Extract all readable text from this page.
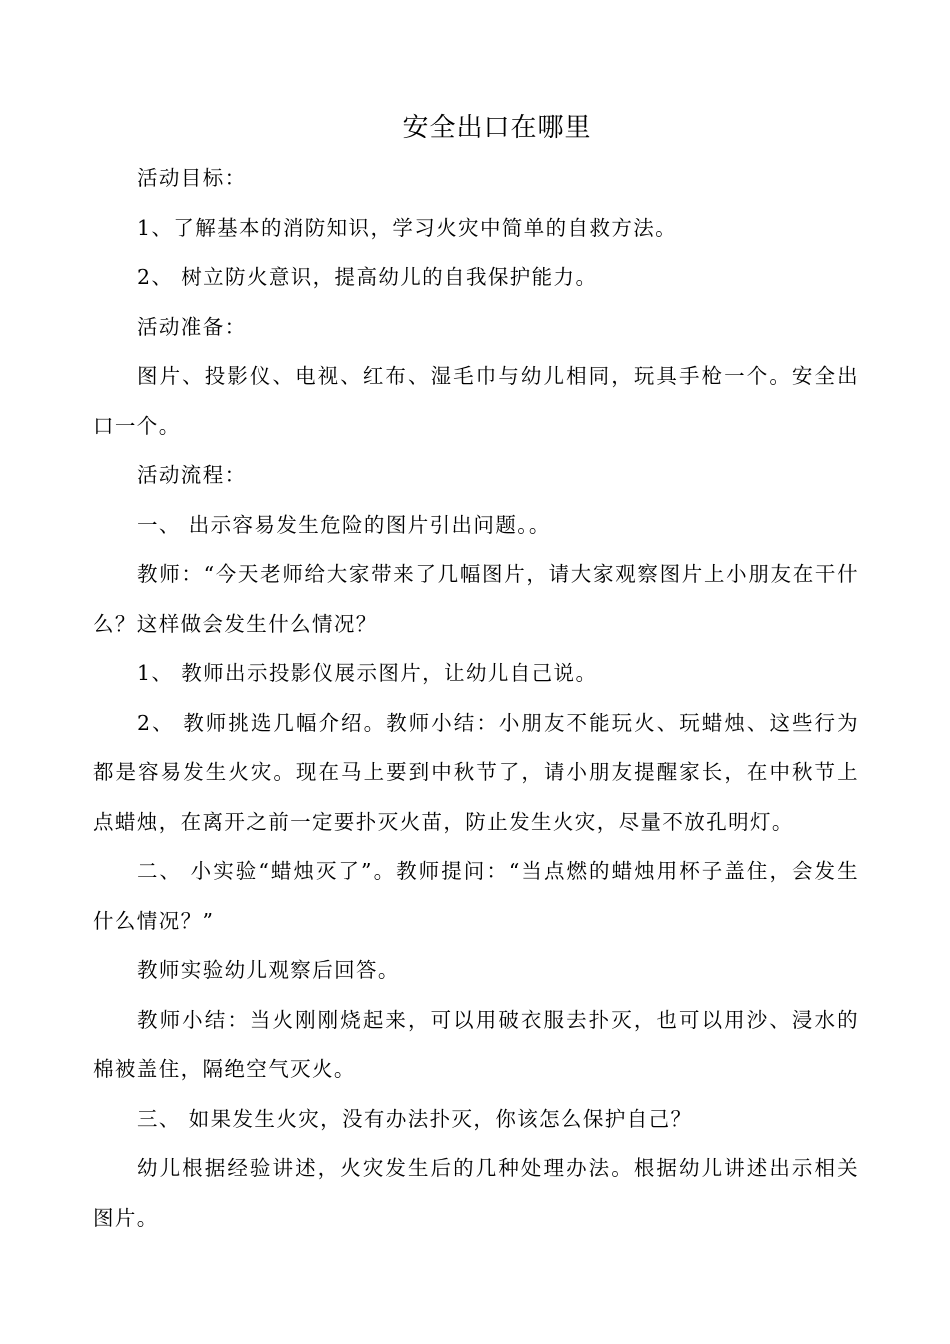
安全出口在哪里

活动目标：

1、了解基本的消防知识，学习火灾中简单的自救方法。

2、 树立防火意识，提高幼儿的自我保护能力。

活动准备：

图片、投影仪、电视、红布、湿毛巾与幼儿相同，玩具手枪一个。安全出口一个。

活动流程：

一、 出示容易发生危险的图片引出问题。。

教师：“今天老师给大家带来了几幅图片，请大家观察图片上小朋友在干什么？这样做会发生什么情况？

1、 教师出示投影仪展示图片，让幼儿自己说。

2、 教师挑选几幅介绍。教师小结：小朋友不能玩火、玩蜡烛、这些行为都是容易发生火灾。现在马上要到中秋节了，请小朋友提醒家长，在中秋节上点蜡烛，在离开之前一定要扑灭火苗，防止发生火灾，尽量不放孔明灯。

二、 小实验“蜡烛灭了”。教师提问：“当点燃的蜡烛用杯子盖住，会发生什么情况？”

教师实验幼儿观察后回答。

教师小结：当火刚刚烧起来，可以用破衣服去扑灭，也可以用沙、浸水的棉被盖住，隔绝空气灭火。

三、 如果发生火灾，没有办法扑灭，你该怎么保护自己？

幼儿根据经验讲述，火灾发生后的几种处理办法。根据幼儿讲述出示相关图片。
